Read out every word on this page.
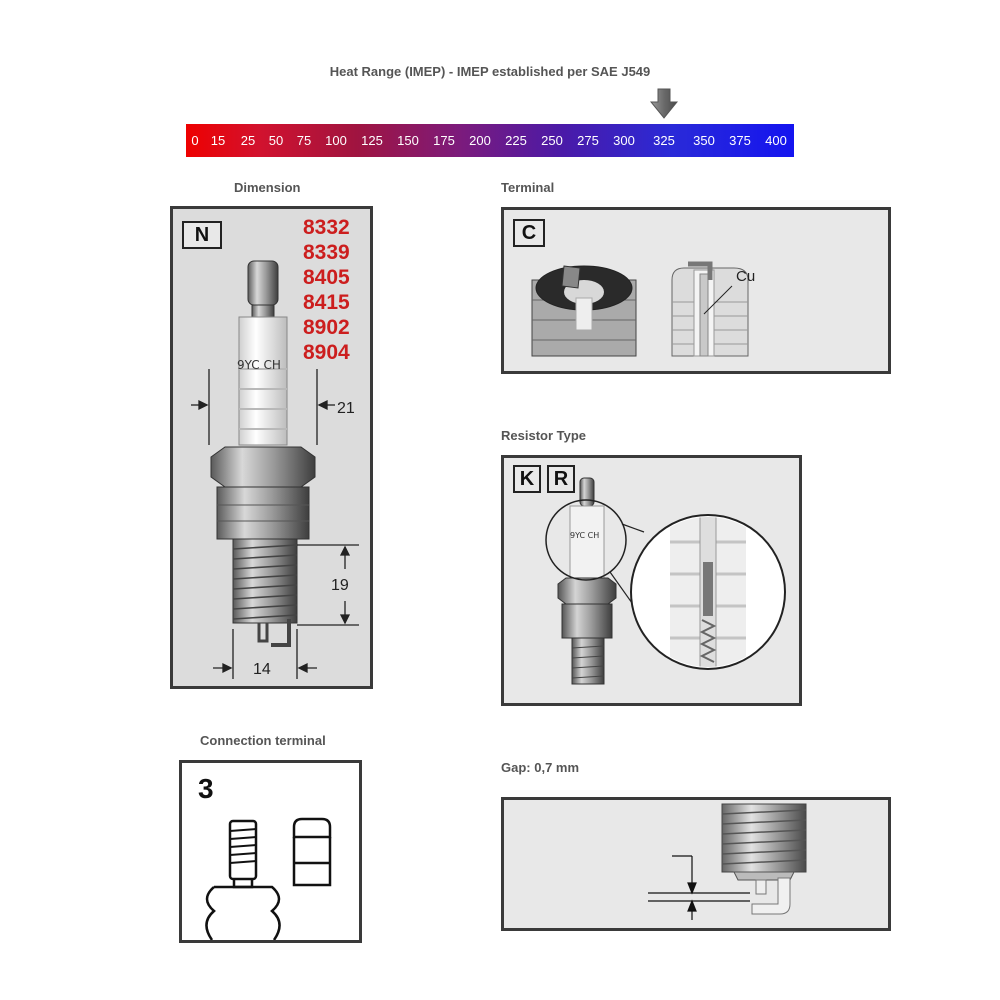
Heat Range (IMEP) - IMEP established per SAE J549
0 15 25 50 75 100 125 150 175 200 225 250 275 300 325 350 375 400
Dimension
N	8332
8339
8405
8415
8902
8904
9YC CH
21
19
14
Terminal
C
Cu
Resistor Type
K R
9YC CH
Connection terminal
3
Gap: 0,7 mm
